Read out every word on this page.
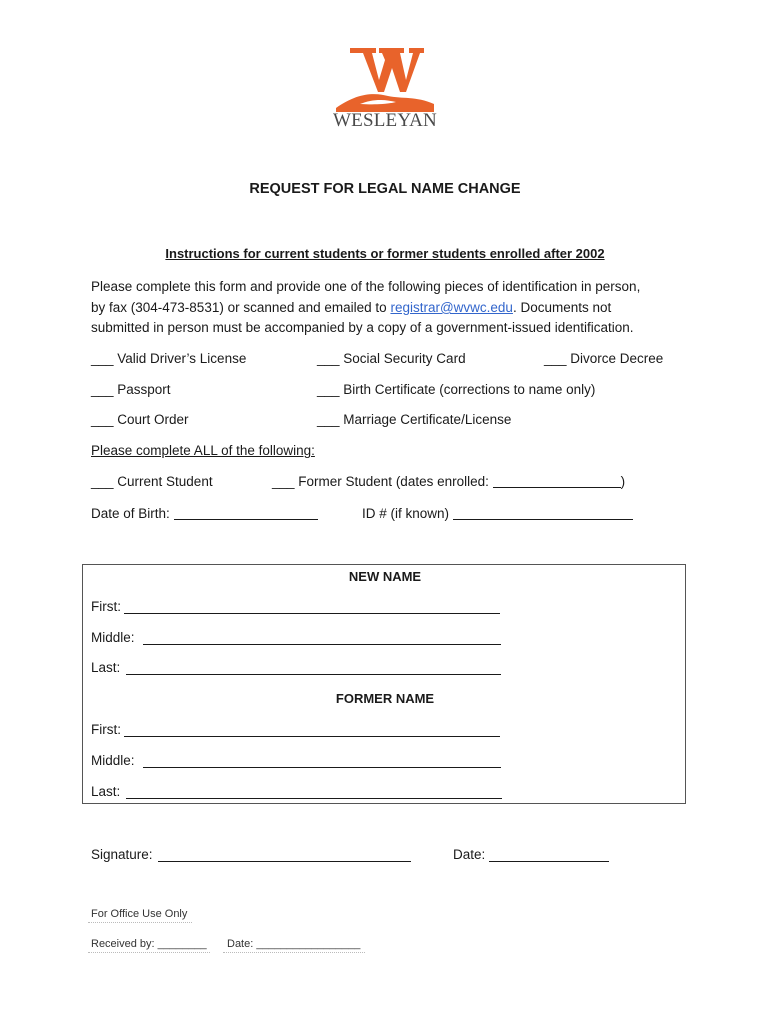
WESLEYAN
REQUEST FOR LEGAL NAME CHANGE
Instructions for current students or former students enrolled after 2002
Please complete this form and provide one of the following pieces of identification in person,
by fax (304-473-8531) or scanned and emailed to registrar@wvwc.edu. Documents not
submitted in person must be accompanied by a copy of a government-issued identification.
___ Valid Driver’s License	___ Social Security Card	___ Divorce Decree
___ Passport	___ Birth Certificate (corrections to name only)
___ Court Order	___ Marriage Certificate/License
Please complete ALL of the following:
___ Current Student	___ Former Student (dates enrolled:	)
Date of Birth:	ID # (if known)
NEW NAME
First:
Middle:
Last:
FORMER NAME
First:
Middle:
Last:
Signature:	Date:
For Office Use Only
Received by: ________ Date: _________________
